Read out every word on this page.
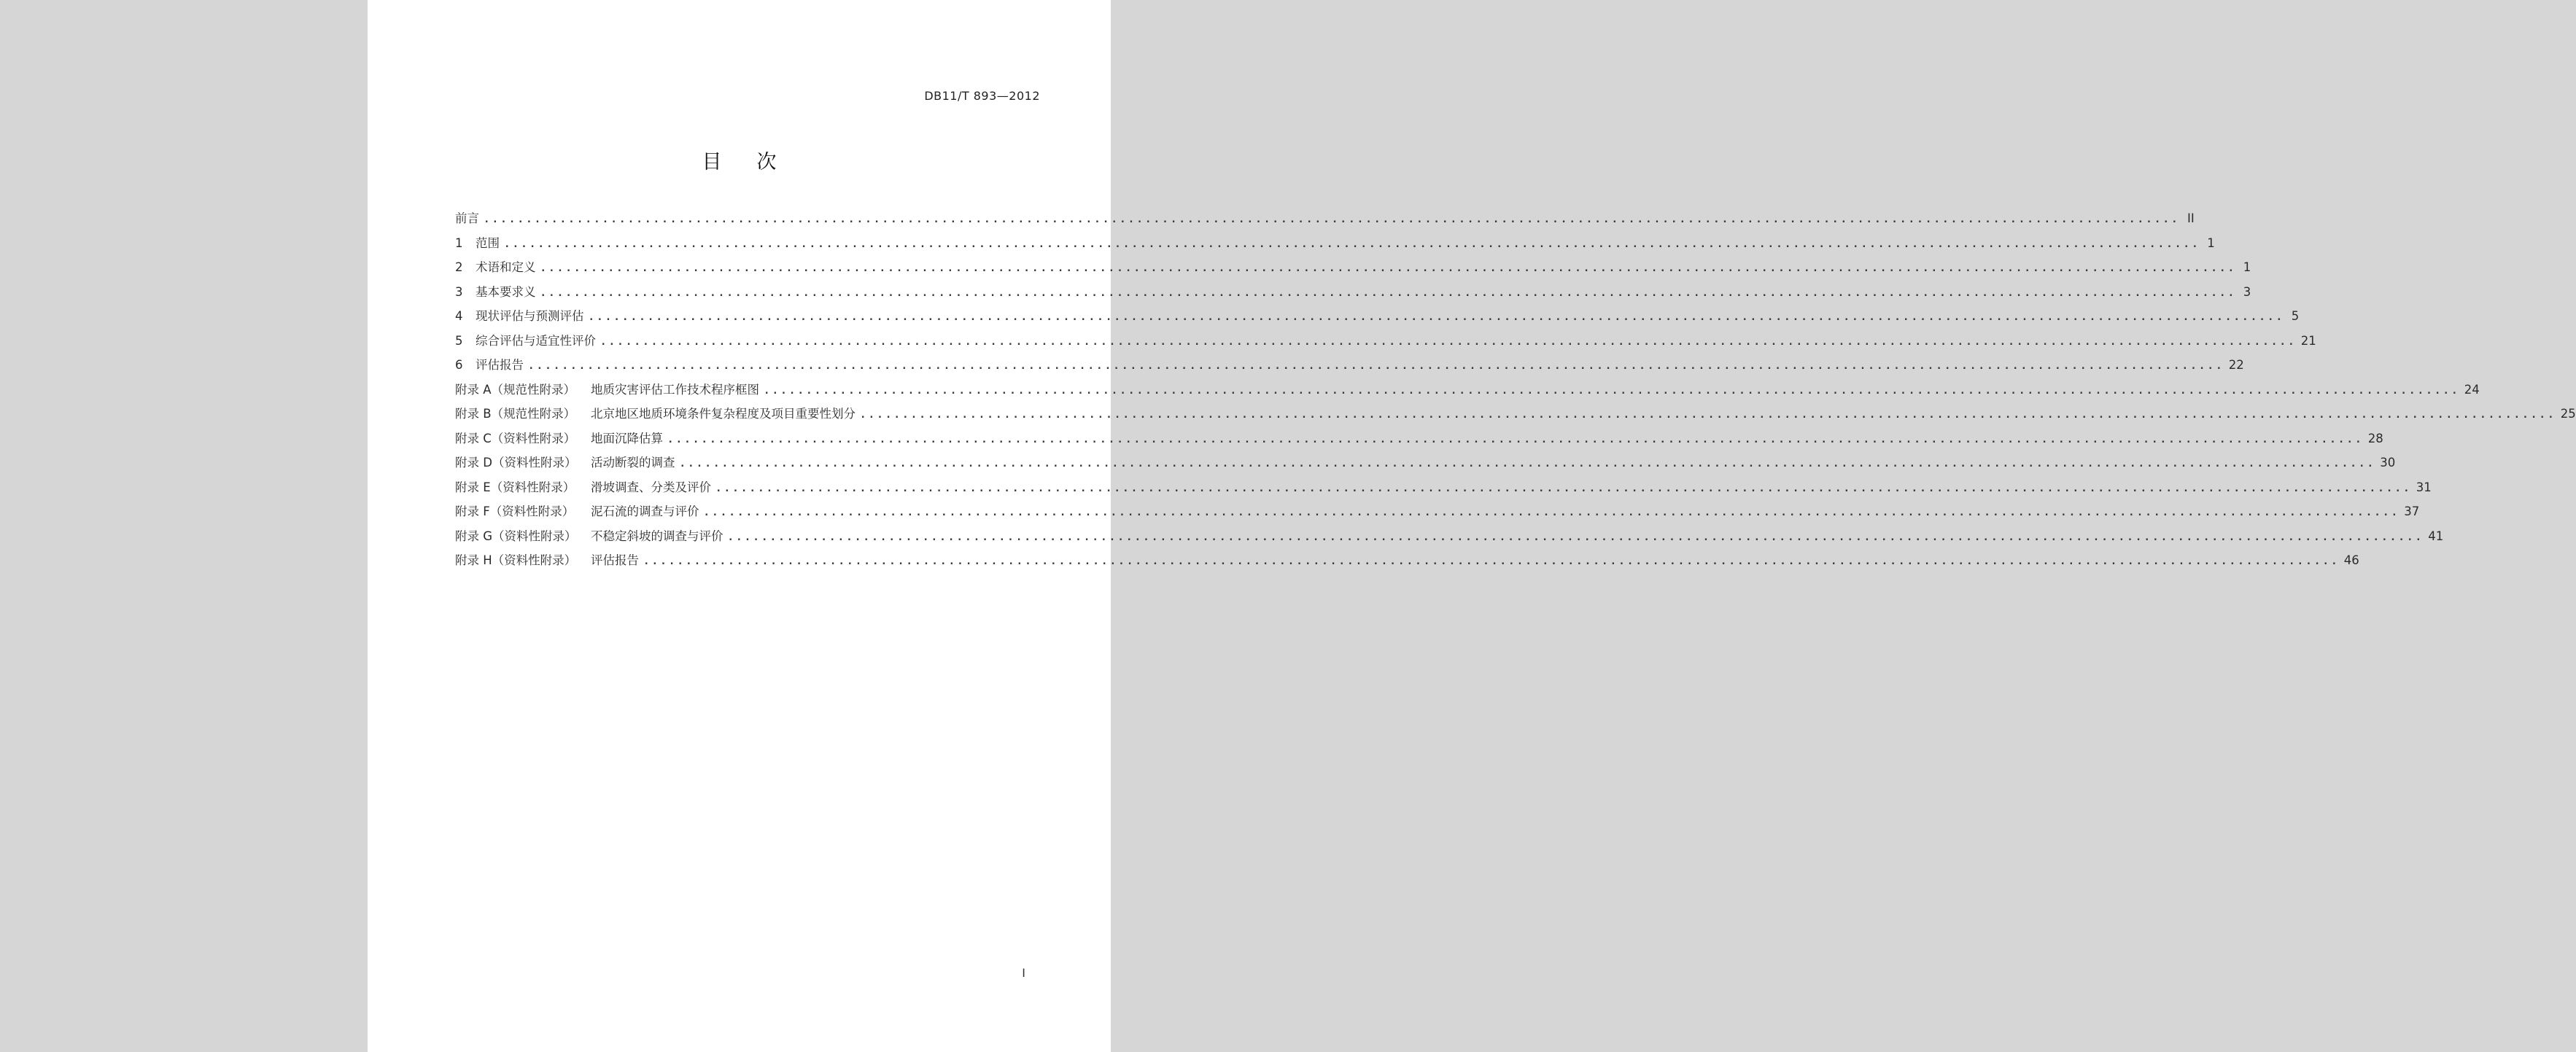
DB11/T 893—2012
目 次
前言 ........................................................................................................................................................................................................ II
1	范围 ........................................................................................................................................................................................................ 1
2	术语和定义 ........................................................................................................................................................................................................ 1
3	基本要求义 ........................................................................................................................................................................................................ 3
4	现状评估与预测评估 ........................................................................................................................................................................................................ 5
5	综合评估与适宜性评价 ........................................................................................................................................................................................................ 21
6	评估报告 ........................................................................................................................................................................................................ 22
附录 A（规范性附录）	地质灾害评估工作技术程序框图 ........................................................................................................................................................................................................ 24
附录 B（规范性附录）	北京地区地质环境条件复杂程度及项目重要性划分 ........................................................................................................................................................................................................ 25
附录 C（资料性附录）	地面沉降估算 ........................................................................................................................................................................................................ 28
附录 D（资料性附录）	活动断裂的调查 ........................................................................................................................................................................................................ 30
附录 E（资料性附录）	滑坡调查、分类及评价 ........................................................................................................................................................................................................ 31
附录 F（资料性附录）	泥石流的调查与评价 ........................................................................................................................................................................................................ 37
附录 G（资料性附录）	不稳定斜坡的调查与评价 ........................................................................................................................................................................................................ 41
附录 H（资料性附录）	评估报告 ........................................................................................................................................................................................................ 46
I
